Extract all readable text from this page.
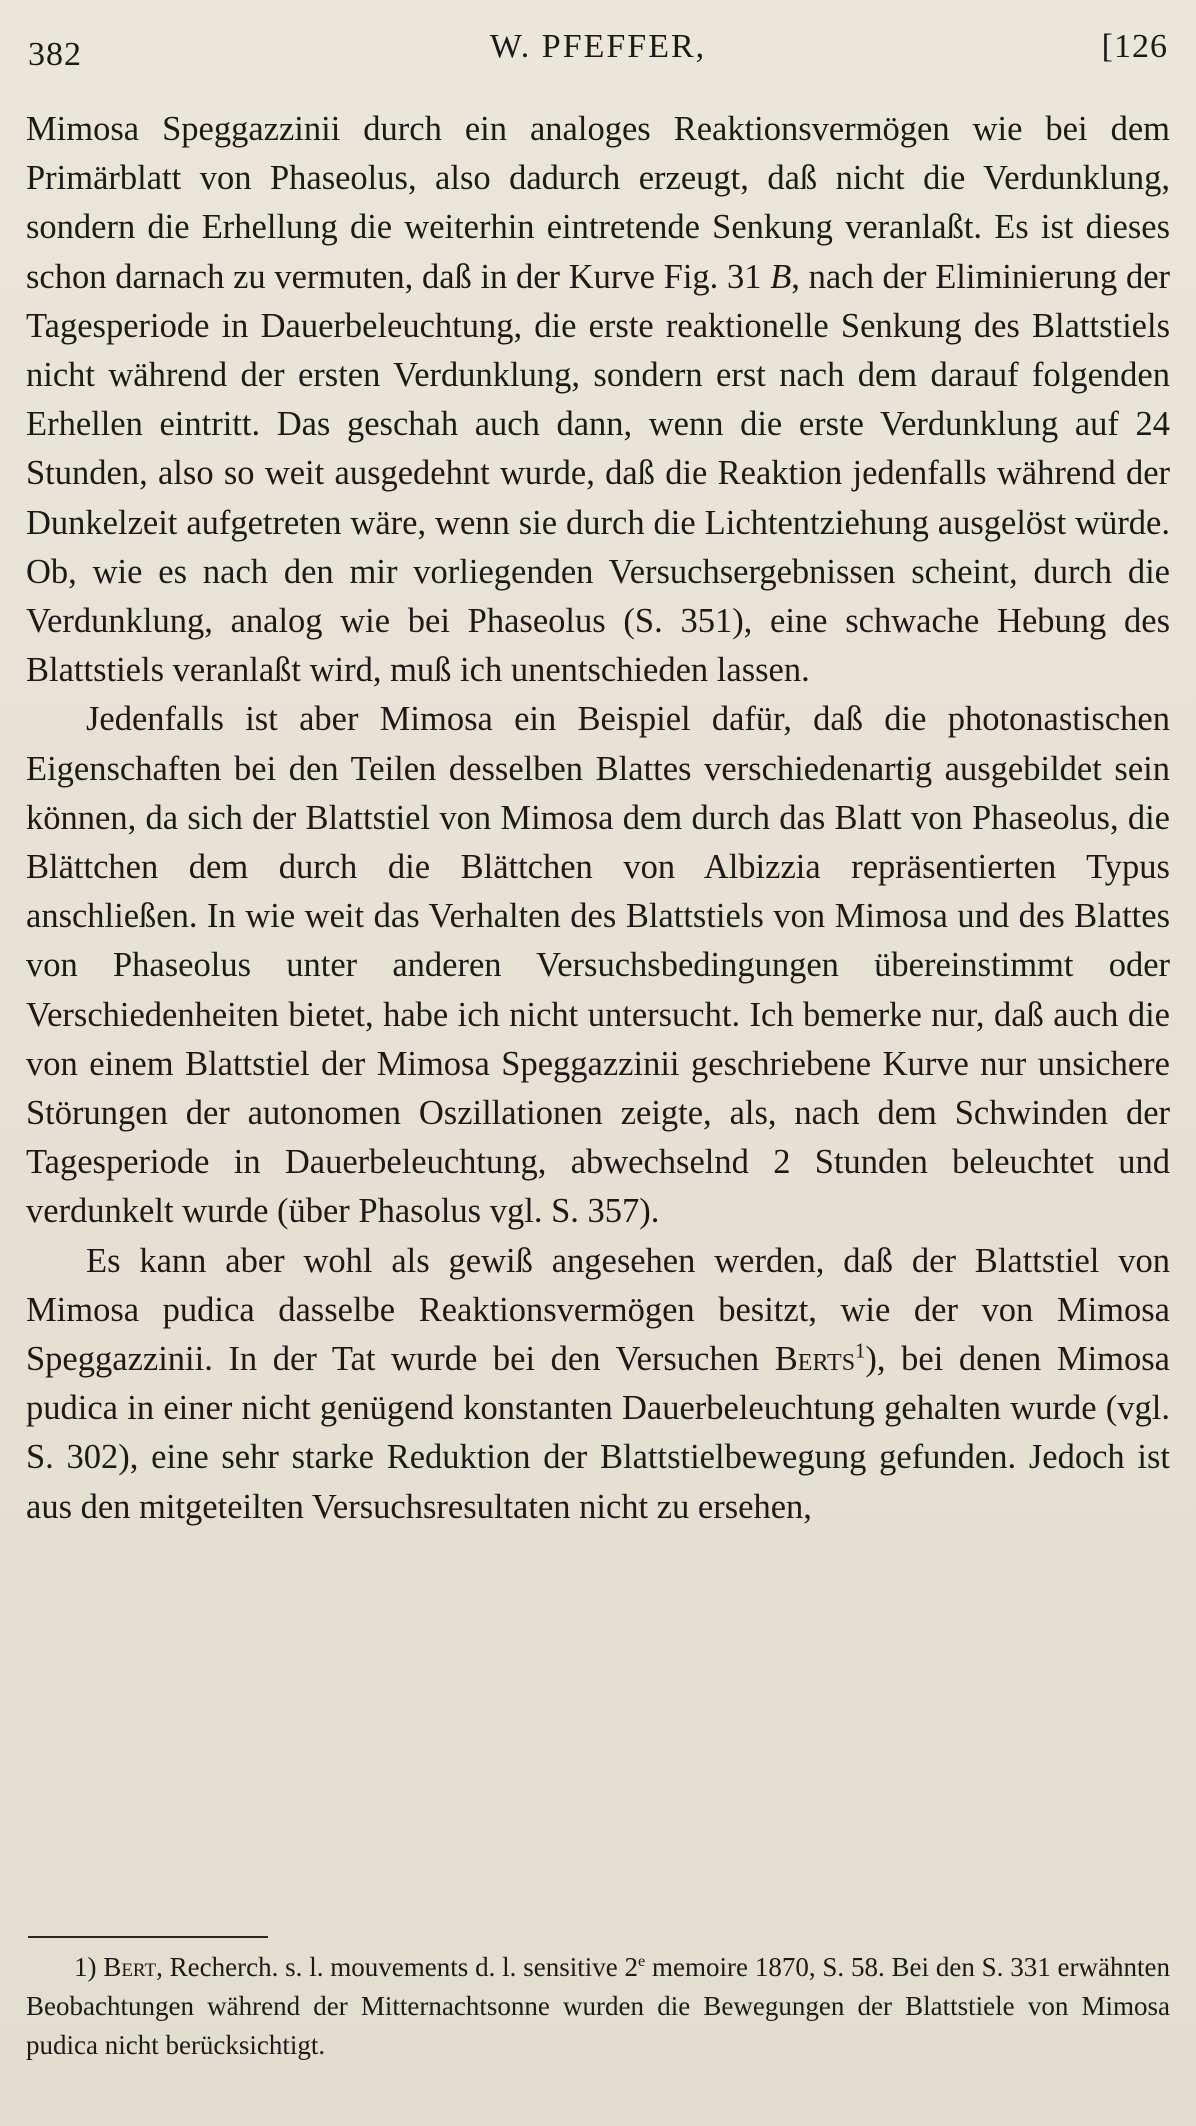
382	W. PFEFFER,	[126

Mimosa Speggazzinii durch ein analoges Reaktionsvermögen wie bei dem Primärblatt von Phaseolus, also dadurch erzeugt, daß nicht die Verdunklung, sondern die Erhellung die weiterhin eintretende Senkung veranlaßt. Es ist dieses schon darnach zu vermuten, daß in der Kurve Fig. 31 B, nach der Eliminierung der Tagesperiode in Dauerbeleuchtung, die erste reaktionelle Senkung des Blattstiels nicht während der ersten Verdunklung, sondern erst nach dem darauf folgenden Erhellen eintritt. Das geschah auch dann, wenn die erste Verdunklung auf 24 Stunden, also so weit ausgedehnt wurde, daß die Reaktion jedenfalls während der Dunkelzeit aufgetreten wäre, wenn sie durch die Lichtentziehung ausgelöst würde. Ob, wie es nach den mir vorliegenden Versuchsergebnissen scheint, durch die Verdunklung, analog wie bei Phaseolus (S. 351), eine schwache Hebung des Blattstiels veranlaßt wird, muß ich unentschieden lassen.

Jedenfalls ist aber Mimosa ein Beispiel dafür, daß die photonastischen Eigenschaften bei den Teilen desselben Blattes verschiedenartig ausgebildet sein können, da sich der Blattstiel von Mimosa dem durch das Blatt von Phaseolus, die Blättchen dem durch die Blättchen von Albizzia repräsentierten Typus anschließen. In wie weit das Verhalten des Blattstiels von Mimosa und des Blattes von Phaseolus unter anderen Versuchsbedingungen übereinstimmt oder Verschiedenheiten bietet, habe ich nicht untersucht. Ich bemerke nur, daß auch die von einem Blattstiel der Mimosa Speggazzinii geschriebene Kurve nur unsichere Störungen der autonomen Oszillationen zeigte, als, nach dem Schwinden der Tagesperiode in Dauerbeleuchtung, abwechselnd 2 Stunden beleuchtet und verdunkelt wurde (über Phasolus vgl. S. 357).

Es kann aber wohl als gewiß angesehen werden, daß der Blattstiel von Mimosa pudica dasselbe Reaktionsvermögen besitzt, wie der von Mimosa Speggazzinii. In der Tat wurde bei den Versuchen Berts$^1$), bei denen Mimosa pudica in einer nicht genügend konstanten Dauerbeleuchtung gehalten wurde (vgl. S. 302), eine sehr starke Reduktion der Blattstielbewegung gefunden. Jedoch ist aus den mitgeteilten Versuchsresultaten nicht zu ersehen,

1) Bert, Recherch. s. l. mouvements d. l. sensitive 2e memoire 1870, S. 58. Bei den S. 331 erwähnten Beobachtungen während der Mitternachtsonne wurden die Bewegungen der Blattstiele von Mimosa pudica nicht berücksichtigt.
